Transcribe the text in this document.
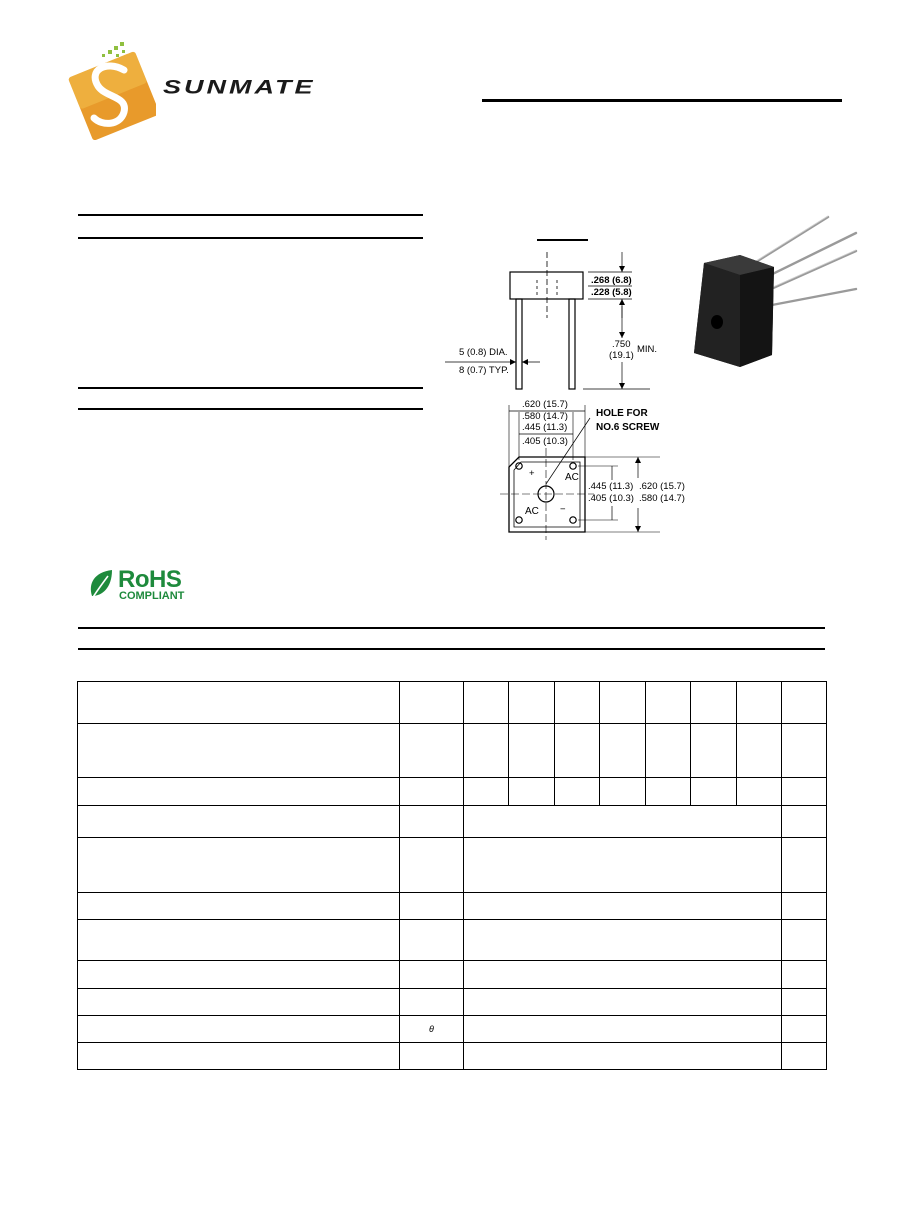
SUNMATE
.268 (6.8)
.228 (5.8)
5 (0.8) DIA.
8 (0.7) TYP.
.750
(19.1)
MIN.
.620 (15.7)
.580 (14.7)
.445 (11.3)
.405 (10.3)
HOLE FOR
NO.6 SCREW
.445 (11.3)
.405 (10.3)
.620 (15.7)
.580 (14.7)
+	AC
AC −
RoHS
COMPLIANT

	θ								
